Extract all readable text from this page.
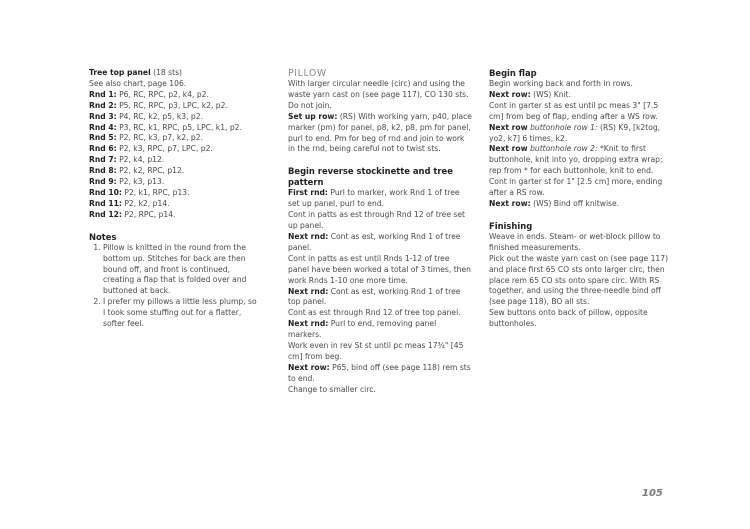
Tree top panel (18 sts)

See also chart, page 106.

Rnd 1: P6, RC, RPC, p2, k4, p2.

Rnd 2: P5, RC, RPC, p3, LPC, k2, p2.

Rnd 3: P4, RC, k2, p5, k3, p2.

Rnd 4: P3, RC, k1, RPC, p5, LPC, k1, p2.

Rnd 5: P2, RC, k3, p7, k2, p2.

Rnd 6: P2, k3, RPC, p7, LPC, p2.

Rnd 7: P2, k4, p12.

Rnd 8: P2, k2, RPC, p12.

Rnd 9: P2, k3, p13.

Rnd 10: P2, k1, RPC, p13.

Rnd 11: P2, k2, p14.

Rnd 12: P2, RPC, p14.

Notes
1. Pillow is knitted in the round from the bottom up. Stitches for back are then bound off, and front is continued, creating a flap that is folded over and buttoned at back.
2. I prefer my pillows a little less plump, so I took some stuffing out for a flatter, softer feel.

PILLOW

With larger circular needle (circ) and using the waste yarn cast on (see page 117), CO 130 sts. Do not join.

Set up row: (RS) With working yarn, p40, place marker (pm) for panel, p8, k2, p8, pm for panel, purl to end. Pm for beg of rnd and join to work in the rnd, being careful not to twist sts.

Begin reverse stockinette and tree pattern

First rnd: Purl to marker, work Rnd 1 of tree set up panel, purl to end.

Cont in patts as est through Rnd 12 of tree set up panel.

Next rnd: Cont as est, working Rnd 1 of tree panel.

Cont in patts as est until Rnds 1-12 of tree panel have been worked a total of 3 times, then work Rnds 1-10 one more time.

Next rnd: Cont as est, working Rnd 1 of tree top panel.

Cont as est through Rnd 12 of tree top panel.

Next rnd: Purl to end, removing panel markers.

Work even in rev St st until pc meas 17¾" [45 cm] from beg.

Next row: P65, bind off (see page 118) rem sts to end.

Change to smaller circ.

Begin flap

Begin working back and forth in rows.

Next row: (WS) Knit.

Cont in garter st as est until pc meas 3" [7.5 cm] from beg of flap, ending after a WS row.

Next row buttonhole row 1: (RS) K9, [k2tog, yo2, k7] 6 times, k2.

Next row buttonhole row 2: *Knit to first buttonhole, knit into yo, dropping extra wrap; rep from * for each buttonhole, knit to end.

Cont in garter st for 1" [2.5 cm] more, ending after a RS row.

Next row: (WS) Bind off knitwise.

Finishing

Weave in ends. Steam- or wet-block pillow to finished measurements.

Pick out the waste yarn cast on (see page 117) and place first 65 CO sts onto larger circ, then place rem 65 CO sts onto spare circ. With RS together, and using the three-needle bind off (see page 118), BO all sts.

Sew buttons onto back of pillow, opposite buttonholes.

105
